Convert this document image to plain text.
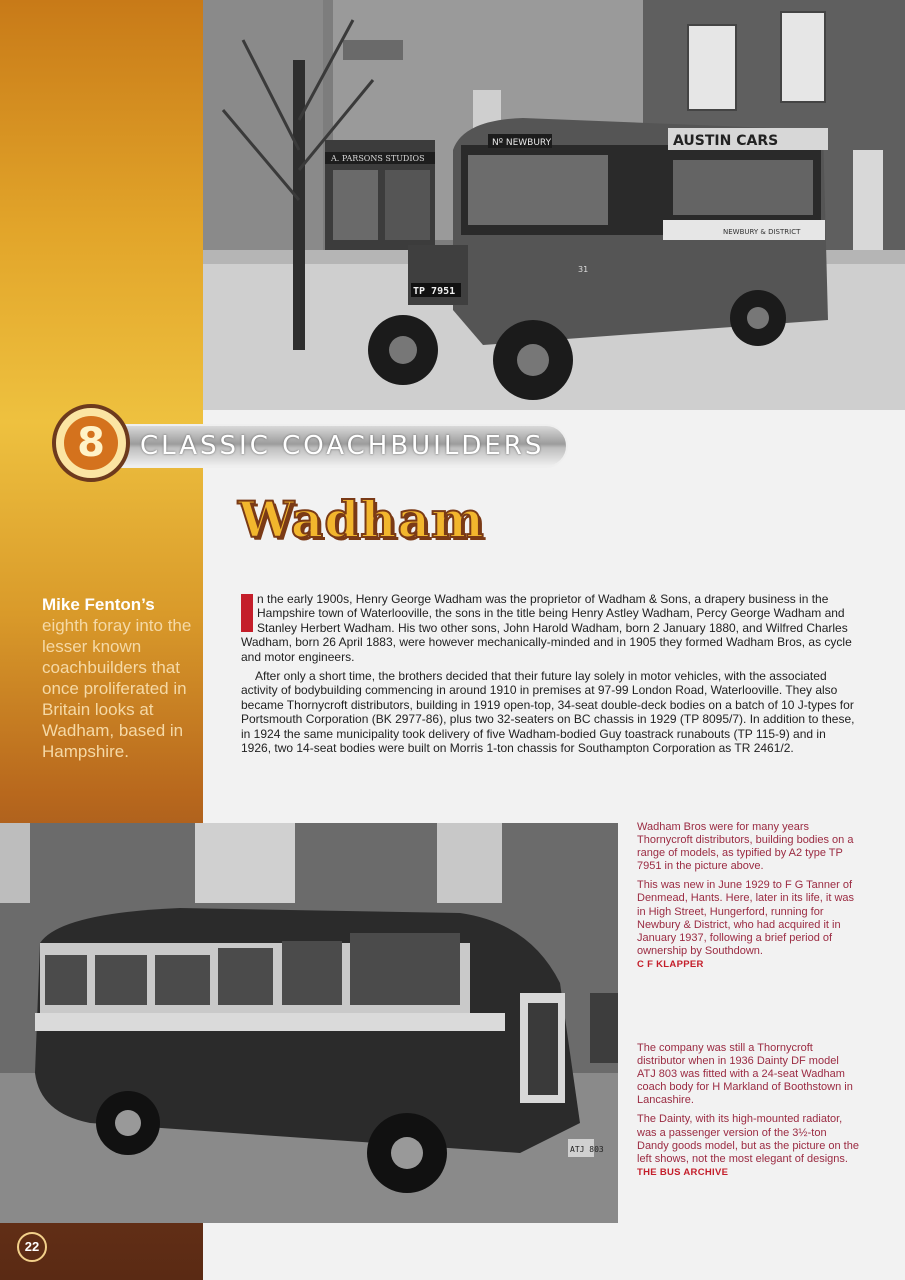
A. PARSONS STUDIOS
Nº NEWBURY	AUSTIN CARS
NEWBURY & DISTRICT
TP 7951
31
CLASSIC COACHBUILDERS
8
Wadham
Mike Fenton’s eighth foray into the lesser known coachbuilders that once proliferated in Britain looks at Wadham, based in Hampshire.

n the early 1900s, Henry George Wadham was the proprietor of Wadham & Sons, a drapery business in the Hampshire town of Waterlooville, the sons in the title being Henry Astley Wadham, Percy George Wadham and Stanley Herbert Wadham. His two other sons, John Harold Wadham, born 2 January 1880, and Wilfred Charles Wadham, born 26 April 1883, were however mechanically-minded and in 1905 they formed Wadham Bros, as cycle and motor engineers.

After only a short time, the brothers decided that their future lay solely in motor vehicles, with the associated activity of bodybuilding commencing in around 1910 in premises at 97-99 London Road, Waterlooville. They also became Thornycroft distributors, building in 1919 open-top, 34-seat double-deck bodies on a batch of 10 J-types for Portsmouth Corporation (BK 2977-86), plus two 32-seaters on BC chassis in 1929 (TP 8095/7). In addition to these, in 1924 the same municipality took delivery of five Wadham-bodied Guy toastrack runabouts (TP 115-9) and in 1926, two 14-seat bodies were built on Morris 1-ton chassis for Southampton Corporation as TR 2461/2.

ATJ 803

Wadham Bros were for many years Thornycroft distributors, building bodies on a range of models, as typified by A2 type TP 7951 in the picture above.

This was new in June 1929 to F G Tanner of Denmead, Hants. Here, later in its life, it was in High Street, Hungerford, running for Newbury & District, who had acquired it in January 1937, following a brief period of ownership by Southdown.
C F KLAPPER

The company was still a Thornycroft distributor when in 1936 Dainty DF model ATJ 803 was fitted with a 24-seat Wadham coach body for H Markland of Boothstown in Lancashire.

The Dainty, with its high-mounted radiator, was a passenger version of the 3½-ton Dandy goods model, but as the picture on the left shows, not the most elegant of designs.
THE BUS ARCHIVE

22
